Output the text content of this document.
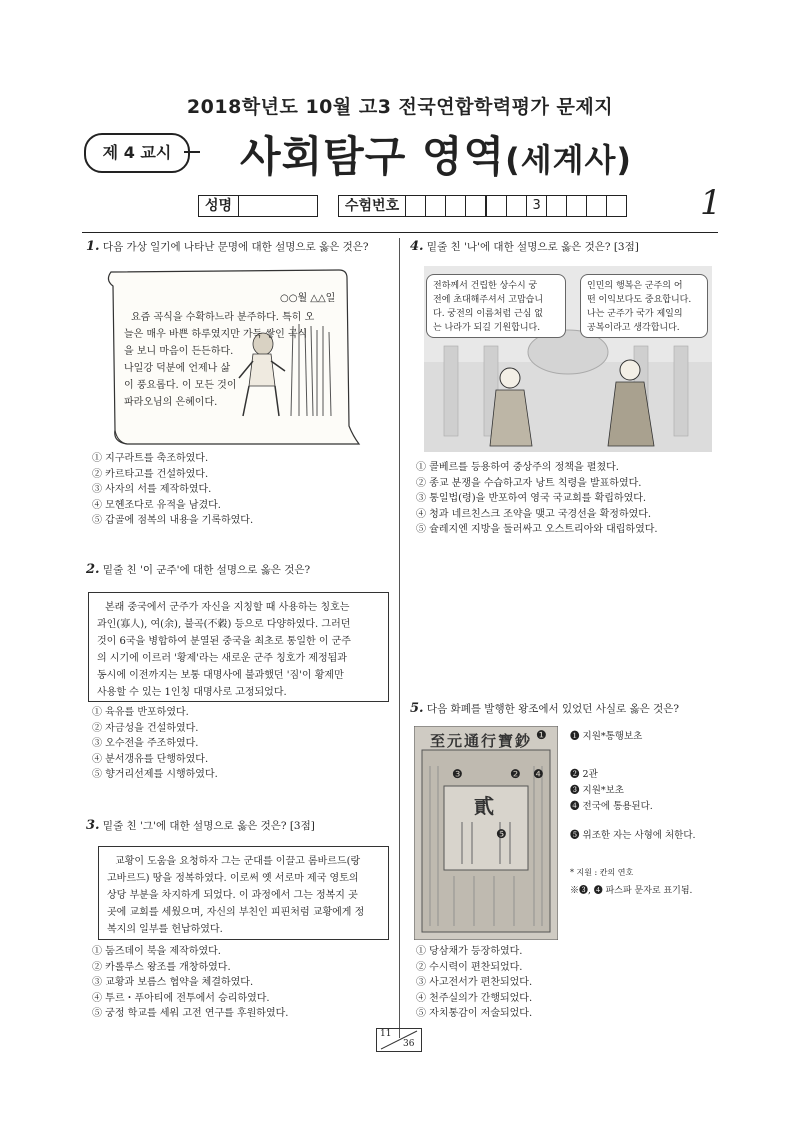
2018학년도 10월 고3 전국연합학력평가 문제지
제 4 교시	사회탐구 영역(세계사)
성명	수험번호	3	1
1. 다음 가상 일기에 나타난 문명에 대한 설명으로 옳은 것은?
○○월 △△일
요즘 곡식을 수확하느라 분주하다. 특히 오
늘은 매우 바쁜 하루였지만 가득 쌓인 곡식
을 보니 마음이 든든하다.
나일강 덕분에 언제나 삶
이 풍요롭다. 이 모든 것이
파라오님의 은혜이다.
① 지구라트를 축조하였다.
② 카르타고를 건설하였다.
③ 사자의 서를 제작하였다.
④ 모헨조다로 유적을 남겼다.
⑤ 갑골에 점복의 내용을 기록하였다.
2. 밑줄 친 '이 군주'에 대한 설명으로 옳은 것은?
본래 중국에서 군주가 자신을 지칭할 때 사용하는 칭호는
과인(寡人), 여(余), 불곡(不穀) 등으로 다양하였다. 그러던
것이 6국을 병합하여 분열된 중국을 최초로 통일한 이 군주
의 시기에 이르러 '황제'라는 새로운 군주 칭호가 제정됨과
동시에 이전까지는 보통 대명사에 불과했던 '짐'이 황제만
사용할 수 있는 1인칭 대명사로 고정되었다.
① 육유를 반포하였다.
② 자금성을 건설하였다.
③ 오수전을 주조하였다.
④ 분서갱유를 단행하였다.
⑤ 향거리선제를 시행하였다.
3. 밑줄 친 '그'에 대한 설명으로 옳은 것은? [3점]
교황이 도움을 요청하자 그는 군대를 이끌고 롬바르드(랑
고바르드) 땅을 정복하였다. 이로써 옛 서로마 제국 영토의
상당 부분을 차지하게 되었다. 이 과정에서 그는 정복지 곳
곳에 교회를 세웠으며, 자신의 부친인 피핀처럼 교황에게 정
복지의 일부를 헌납하였다.
① 둠즈데이 북을 제작하였다.
② 카롤루스 왕조를 개창하였다.
③ 교황과 보름스 협약을 체결하였다.
④ 투르・푸아티에 전투에서 승리하였다.
⑤ 궁정 학교를 세워 고전 연구를 후원하였다.
4. 밑줄 친 '나'에 대한 설명으로 옳은 것은? [3점]
전하께서 건립한 상수시 궁
전에 초대해주셔서 고맙습니
다. 궁전의 이름처럼 근심 없
는 나라가 되길 기원합니다.
인민의 행복은 군주의 어
떤 이익보다도 중요합니다.
나는 군주가 국가 제일의
공복이라고 생각합니다.
① 콜베르를 등용하여 중상주의 정책을 펼쳤다.
② 종교 분쟁을 수습하고자 낭트 칙령을 발표하였다.
③ 통일법(령)을 반포하여 영국 국교회를 확립하였다.
④ 청과 네르친스크 조약을 맺고 국경선을 확정하였다.
⑤ 슐레지엔 지방을 둘러싸고 오스트리아와 대립하였다.
5. 다음 화폐를 발행한 왕조에서 있었던 사실로 옳은 것은?
至元通行寶鈔
貳
❶
❷
❸	❹
❺
❶ 지원*통행보초
❷ 2관
❸ 지원*보초
❹ 전국에 통용된다.
❺ 위조한 자는 사형에 처한다.
* 지원 : 칸의 연호
※❸, ❹ 파스파 문자로 표기됨.
① 당삼채가 등장하였다.
② 수시력이 편찬되었다.
③ 사고전서가 편찬되었다.
④ 천주실의가 간행되었다.
⑤ 자치통감이 저술되었다.
11
36
